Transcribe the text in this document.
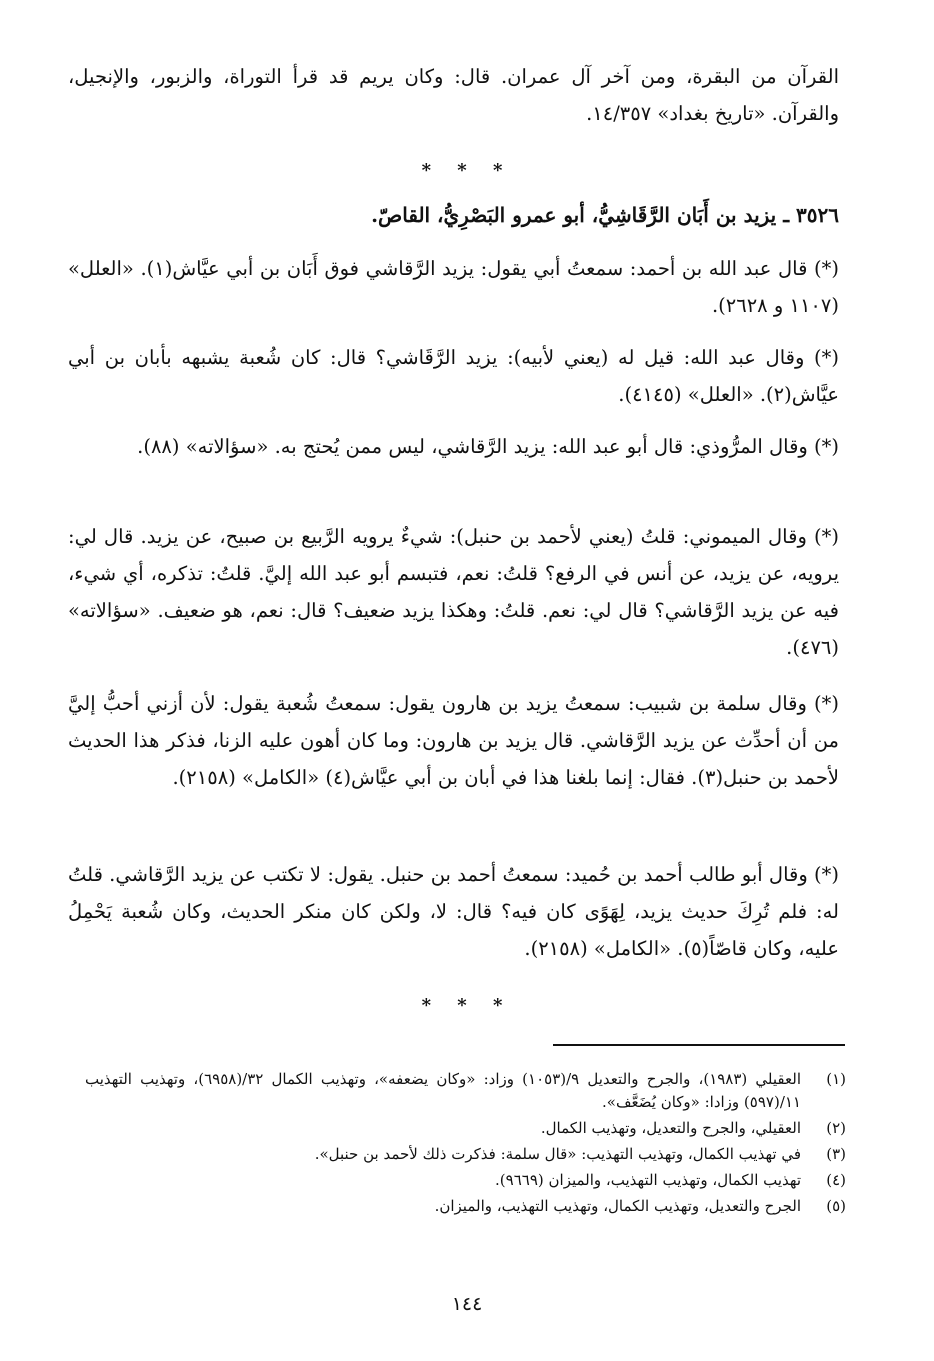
القرآن من البقرة، ومن آخر آل عمران. قال: وكان يريم قد قرأ التوراة، والزبور، والإنجيل، والقرآن. «تاريخ بغداد» ١٤/٣٥٧.

* * *

٣٥٢٦ ـ يزيد بن أَبَان الرَّقَاشِيُّ، أبو عمرو البَصْرِيُّ، القاصّ.

(*) قال عبد الله بن أحمد: سمعتُ أبي يقول: يزيد الرَّقاشي فوق أَبَان بن أبي عيَّاش(١). «العلل» (١١٠٧ و ٢٦٢٨).

(*) وقال عبد الله: قيل له (يعني لأبيه): يزيد الرَّقَاشي؟ قال: كان شُعبة يشبهه بأبان بن أبي عيَّاش(٢). «العلل» (٤١٤٥).

(*) وقال المرُّوذي: قال أبو عبد الله: يزيد الرَّقاشي، ليس ممن يُحتج به. «سؤالاته» (٨٨).

(*) وقال الميموني: قلتُ (يعني لأحمد بن حنبل): شيءٌ يرويه الرَّبيع بن صبيح، عن يزيد. قال لي: يرويه، عن يزيد، عن أنس في الرفع؟ قلتُ: نعم، فتبسم أبو عبد الله إليَّ. قلتُ: تذكره، أي شيء، فيه عن يزيد الرَّقاشي؟ قال لي: نعم. قلتُ: وهكذا يزيد ضعيف؟ قال: نعم، هو ضعيف. «سؤالاته» (٤٧٦).

(*) وقال سلمة بن شبيب: سمعتُ يزيد بن هارون يقول: سمعتُ شُعبة يقول: لأن أزني أحبُّ إليَّ من أن أحدِّث عن يزيد الرَّقاشي. قال يزيد بن هارون: وما كان أهون عليه الزنا، فذكر هذا الحديث لأحمد بن حنبل(٣). فقال: إنما بلغنا هذا في أبان بن أبي عيَّاش(٤) «الكامل» (٢١٥٨).

(*) وقال أبو طالب أحمد بن حُميد: سمعتُ أحمد بن حنبل. يقول: لا تكتب عن يزيد الرَّقاشي. قلتُ له: فلم تُرِكَ حديث يزيد، لِهَوًى كان فيه؟ قال: لا، ولكن كان منكر الحديث، وكان شُعبة يَحْمِلُ عليه، وكان قاصّاً(٥). «الكامل» (٢١٥٨).

* * *
(١)
العقيلي (١٩٨٣)، والجرح والتعديل ٩/(١٠٥٣) وزاد: «وكان يضعفه»، وتهذيب الكمال ٣٢/(٦٩٥٨)، وتهذيب التهذيب ١١/(٥٩٧) وزادا: «وكان يُضَعَّف».
(٢)
العقيلي، والجرح والتعديل، وتهذيب الكمال.
(٣)
في تهذيب الكمال، وتهذيب التهذيب: «قال سلمة: فذكرت ذلك لأحمد بن حنبل».
(٤)
تهذيب الكمال، وتهذيب التهذيب، والميزان (٩٦٦٩).
(٥)
الجرح والتعديل، وتهذيب الكمال، وتهذيب التهذيب، والميزان.
١٤٤
